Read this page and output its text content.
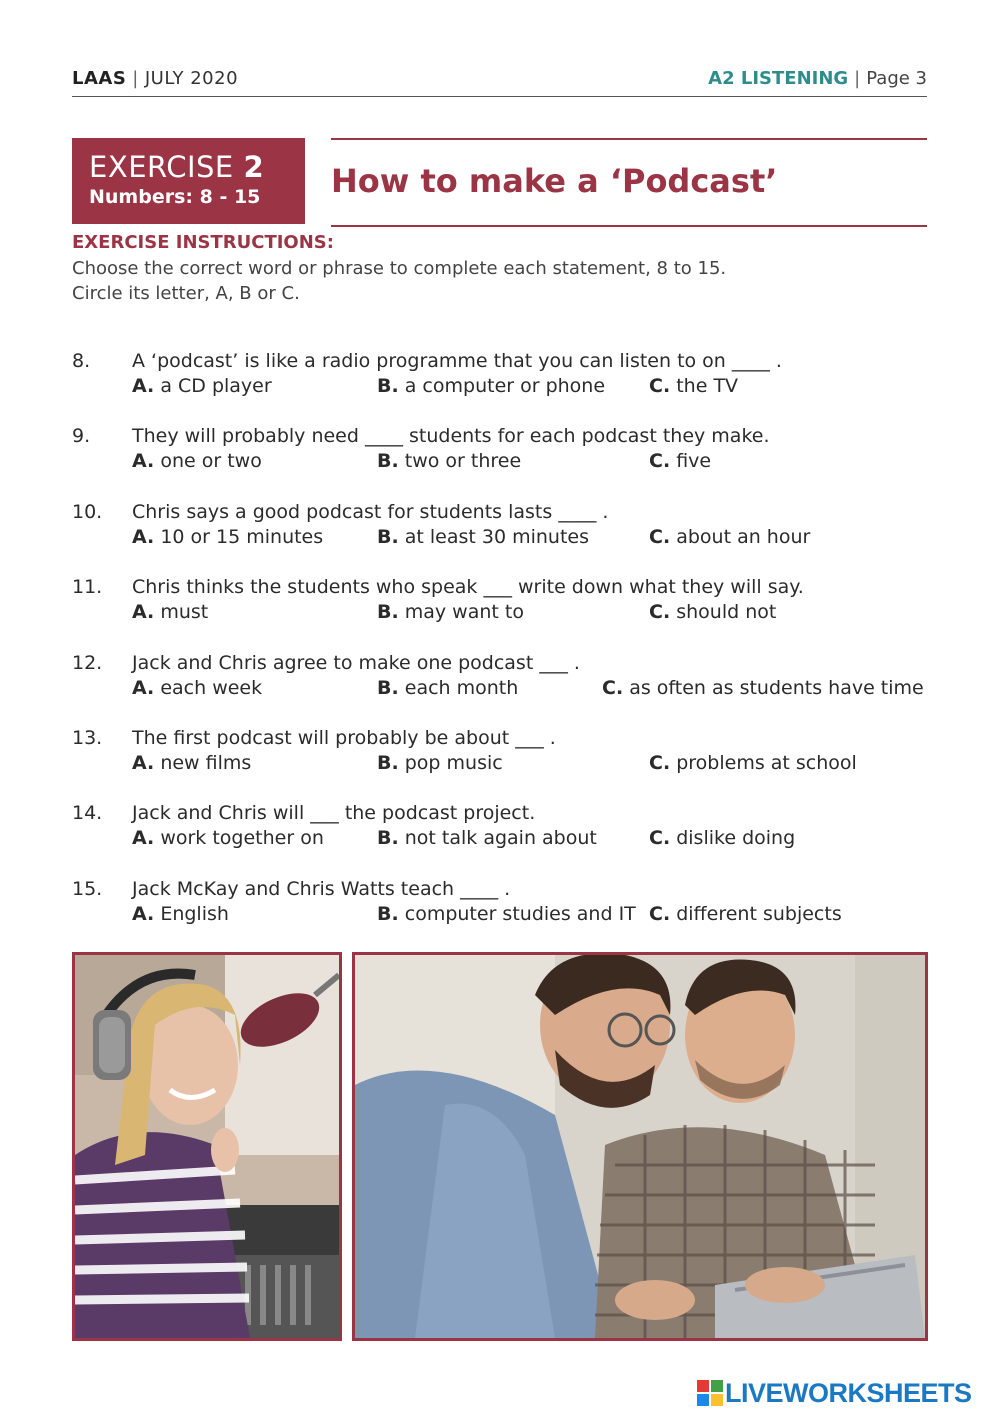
LAAS | JULY 2020	A2 LISTENING | Page 3
EXERCISE 2
Numbers: 8 - 15 How to make a ‘Podcast’
EXERCISE INSTRUCTIONS:
Choose the correct word or phrase to complete each statement, 8 to 15.
Circle its letter, A, B or C.
8. A ‘podcast’ is like a radio programme that you can listen to on ____ .
A. a CD player	B. a computer or phone C. the TV
9. They will probably need ____ students for each podcast they make.
A. one or two	B. two or three	C. five
10. Chris says a good podcast for students lasts ____ .
A. 10 or 15 minutes	B. at least 30 minutes	C. about an hour
11. Chris thinks the students who speak ___ write down what they will say.
A. must	B. may want to	C. should not
12. Jack and Chris agree to make one podcast ___ .
A. each week	B. each month	C. as often as students have time
13. The first podcast will probably be about ___ .
A. new films	B. pop music	C. problems at school
14. Jack and Chris will ___ the podcast project.
A. work together on	B. not talk again about	C. dislike doing
15. Jack McKay and Chris Watts teach ____ .
A. English	B. computer studies and IT C. different subjects
LIVEWORKSHEETS
